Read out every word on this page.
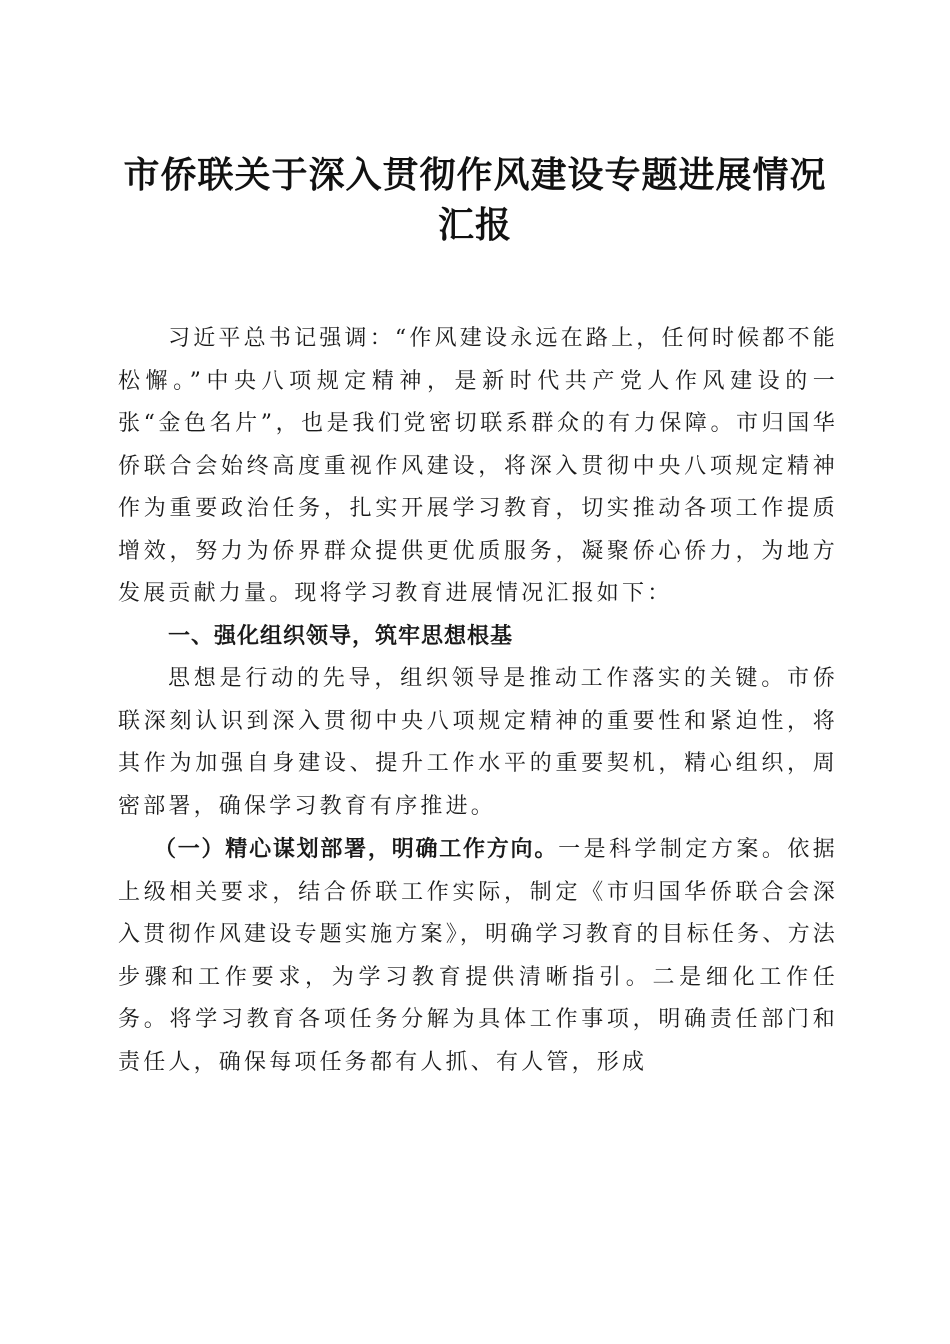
市侨联关于深入贯彻作风建设专题进展情况汇报

习近平总书记强调：“作风建设永远在路上，任何时候都不能松懈。”中央八项规定精神，是新时代共产党人作风建设的一张“金色名片”，也是我们党密切联系群众的有力保障。市归国华侨联合会始终高度重视作风建设，将深入贯彻中央八项规定精神作为重要政治任务，扎实开展学习教育，切实推动各项工作提质增效，努力为侨界群众提供更优质服务，凝聚侨心侨力，为地方发展贡献力量。现将学习教育进展情况汇报如下：

一、强化组织领导，筑牢思想根基

思想是行动的先导，组织领导是推动工作落实的关键。市侨联深刻认识到深入贯彻中央八项规定精神的重要性和紧迫性，将其作为加强自身建设、提升工作水平的重要契机，精心组织，周密部署，确保学习教育有序推进。

（一）精心谋划部署，明确工作方向。一是科学制定方案。依据上级相关要求，结合侨联工作实际，制定《市归国华侨联合会深入贯彻作风建设专题实施方案》，明确学习教育的目标任务、方法步骤和工作要求，为学习教育提供清晰指引。二是细化工作任务。将学习教育各项任务分解为具体工作事项，明确责任部门和责任人，确保每项任务都有人抓、有人管，形成
